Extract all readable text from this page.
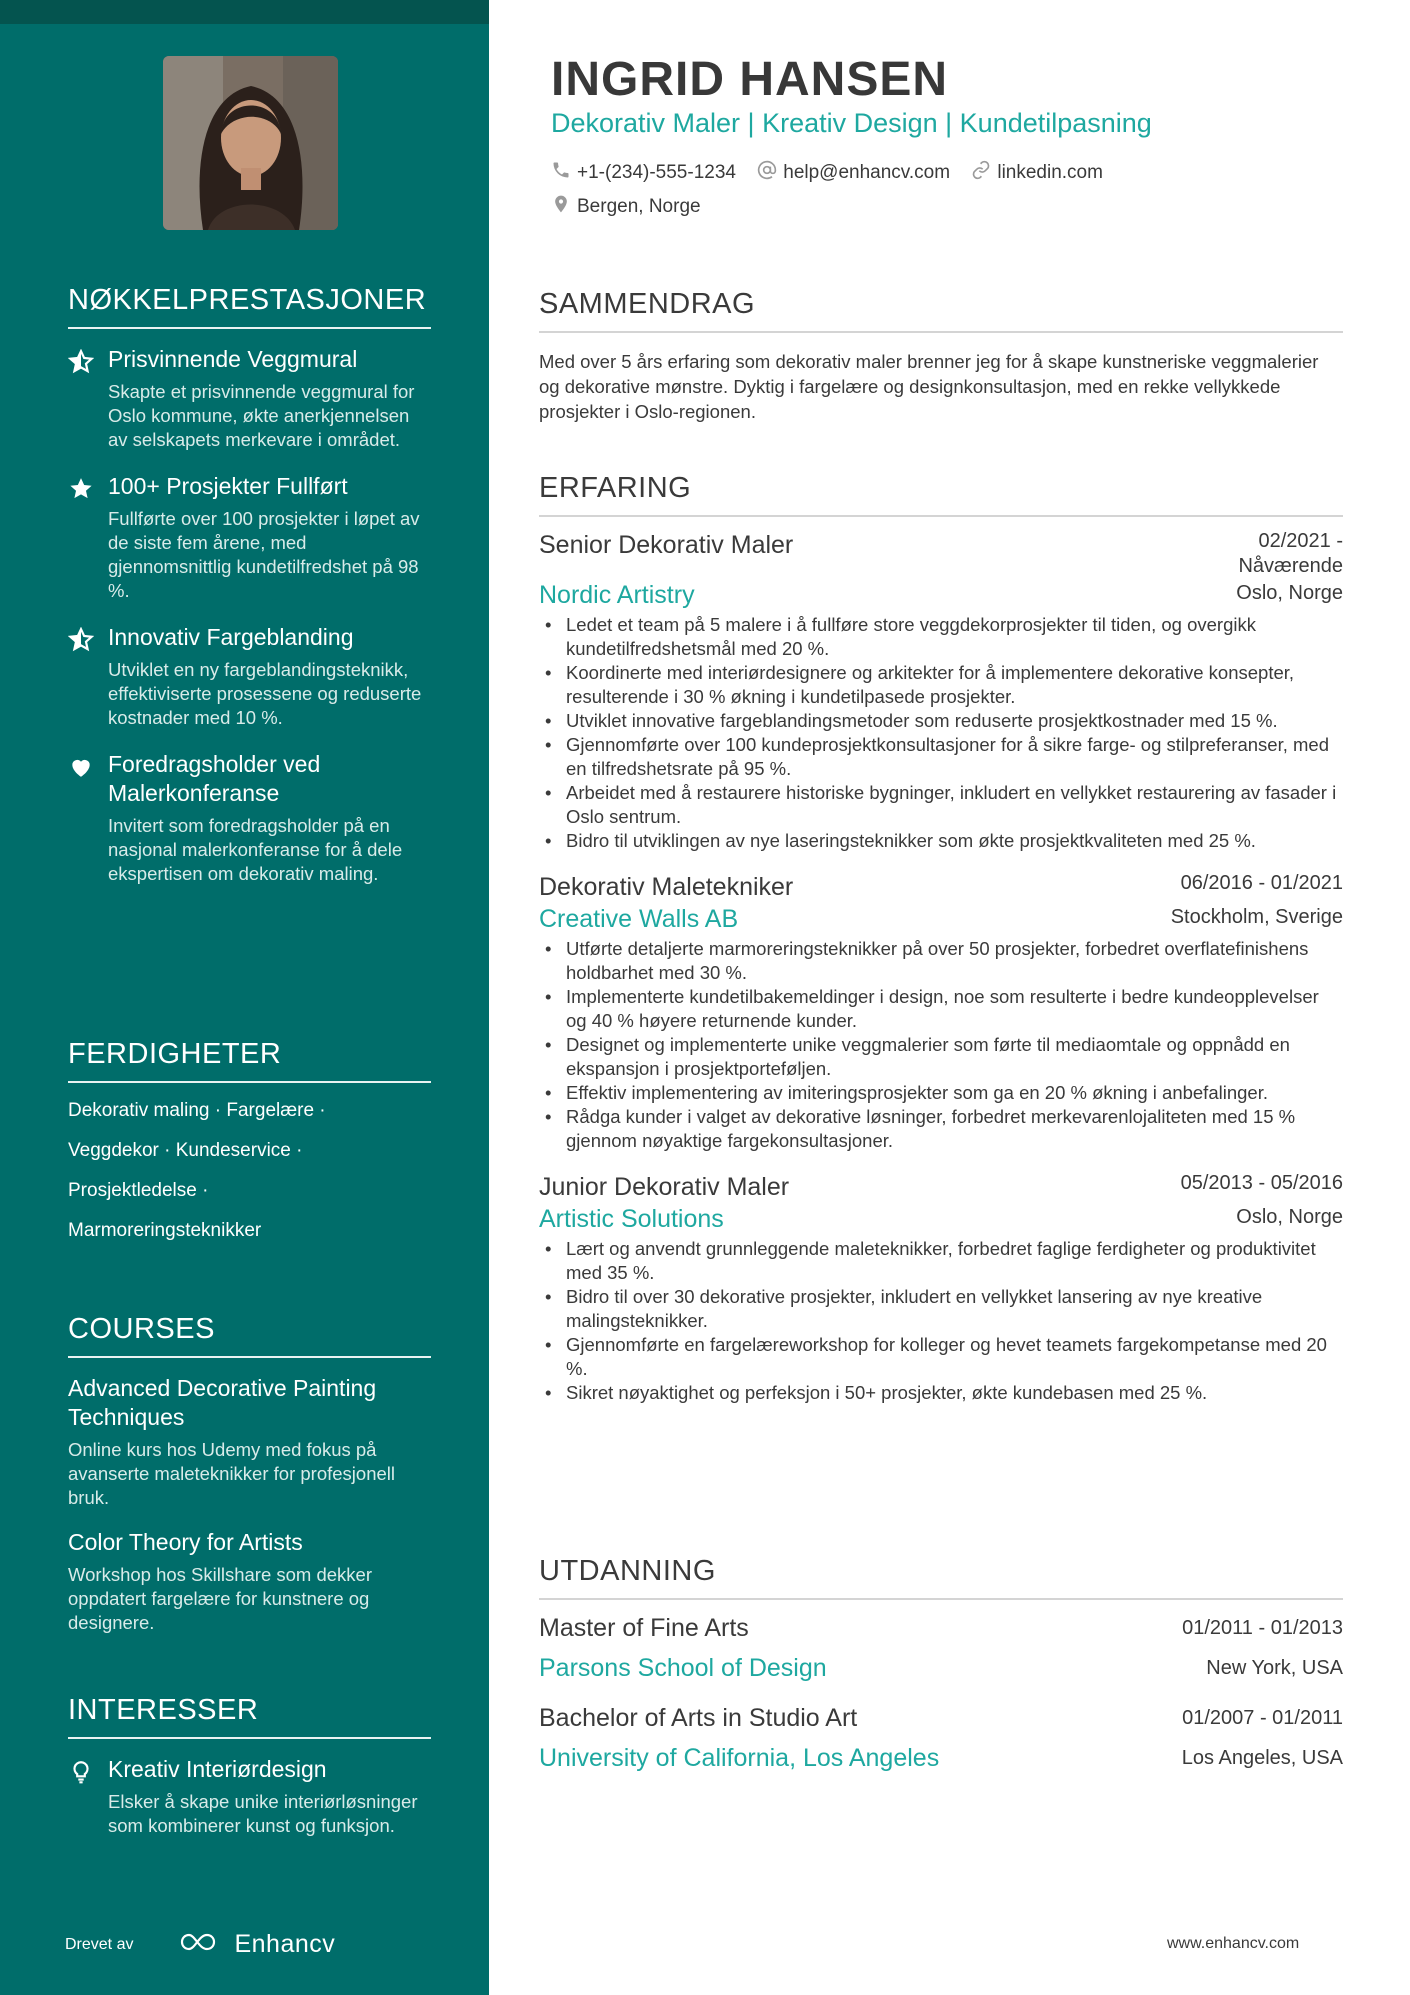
NØKKELPRESTASJONER
Prisvinnende Veggmural
Skapte et prisvinnende veggmural for Oslo kommune, økte anerkjennelsen av selskapets merkevare i området.
100+ Prosjekter Fullført
Fullførte over 100 prosjekter i løpet av de siste fem årene, med gjennomsnittlig kundetilfredshet på 98 %.
Innovativ Fargeblanding
Utviklet en ny fargeblandingsteknikk, effektiviserte prosessene og reduserte kostnader med 10 %.
Foredragsholder ved Malerkonferanse
Invitert som foredragsholder på en nasjonal malerkonferanse for å dele ekspertisen om dekorativ maling.
FERDIGHETER
Dekorativ maling · Fargelære ·
Veggdekor · Kundeservice ·
Prosjektledelse ·
Marmoreringsteknikker
COURSES
Advanced Decorative Painting Techniques
Online kurs hos Udemy med fokus på avanserte maleteknikker for profesjonell bruk.
Color Theory for Artists
Workshop hos Skillshare som dekker oppdatert fargelære for kunstnere og designere.
INTERESSER
Kreativ Interiørdesign
Elsker å skape unike interiørløsninger som kombinerer kunst og funksjon.
Drevet av	Enhancv
INGRID HANSEN
Dekorativ Maler | Kreativ Design | Kundetilpasning
+1-(234)-555-1234
help@enhancv.com
linkedin.com
Bergen, Norge
SAMMENDRAG
Med over 5 års erfaring som dekorativ maler brenner jeg for å skape kunstneriske veggmalerier og dekorative mønstre. Dyktig i fargelære og designkonsultasjon, med en rekke vellykkede prosjekter i Oslo-regionen.
ERFARING
Senior Dekorativ Maler	02/2021 - Nåværende
Nordic Artistry	Oslo, Norge
• Ledet et team på 5 malere i å fullføre store veggdekorprosjekter til tiden, og overgikk kundetilfredshetsmål med 20 %.
• Koordinerte med interiørdesignere og arkitekter for å implementere dekorative konsepter, resulterende i 30 % økning i kundetilpasede prosjekter.
• Utviklet innovative fargeblandingsmetoder som reduserte prosjektkostnader med 15 %.
• Gjennomførte over 100 kundeprosjektkonsultasjoner for å sikre farge- og stilpreferanser, med en tilfredshetsrate på 95 %.
• Arbeidet med å restaurere historiske bygninger, inkludert en vellykket restaurering av fasader i Oslo sentrum.
• Bidro til utviklingen av nye laseringsteknikker som økte prosjektkvaliteten med 25 %.
Dekorativ Maletekniker	06/2016 - 01/2021
Creative Walls AB	Stockholm, Sverige
• Utførte detaljerte marmoreringsteknikker på over 50 prosjekter, forbedret overflatefinishens holdbarhet med 30 %.
• Implementerte kundetilbakemeldinger i design, noe som resulterte i bedre kundeopplevelser og 40 % høyere returnende kunder.
• Designet og implementerte unike veggmalerier som førte til mediaomtale og oppnådd en ekspansjon i prosjektporteføljen.
• Effektiv implementering av imiteringsprosjekter som ga en 20 % økning i anbefalinger.
• Rådga kunder i valget av dekorative løsninger, forbedret merkevarenlojaliteten med 15 % gjennom nøyaktige fargekonsultasjoner.
Junior Dekorativ Maler	05/2013 - 05/2016
Artistic Solutions	Oslo, Norge
• Lært og anvendt grunnleggende maleteknikker, forbedret faglige ferdigheter og produktivitet med 35 %.
• Bidro til over 30 dekorative prosjekter, inkludert en vellykket lansering av nye kreative malingsteknikker.
• Gjennomførte en fargelæreworkshop for kolleger og hevet teamets fargekompetanse med 20 %.
• Sikret nøyaktighet og perfeksjon i 50+ prosjekter, økte kundebasen med 25 %.
UTDANNING
Master of Fine Arts	01/2011 - 01/2013
Parsons School of Design	New York, USA
Bachelor of Arts in Studio Art	01/2007 - 01/2011
University of California, Los Angeles	Los Angeles, USA
www.enhancv.com
